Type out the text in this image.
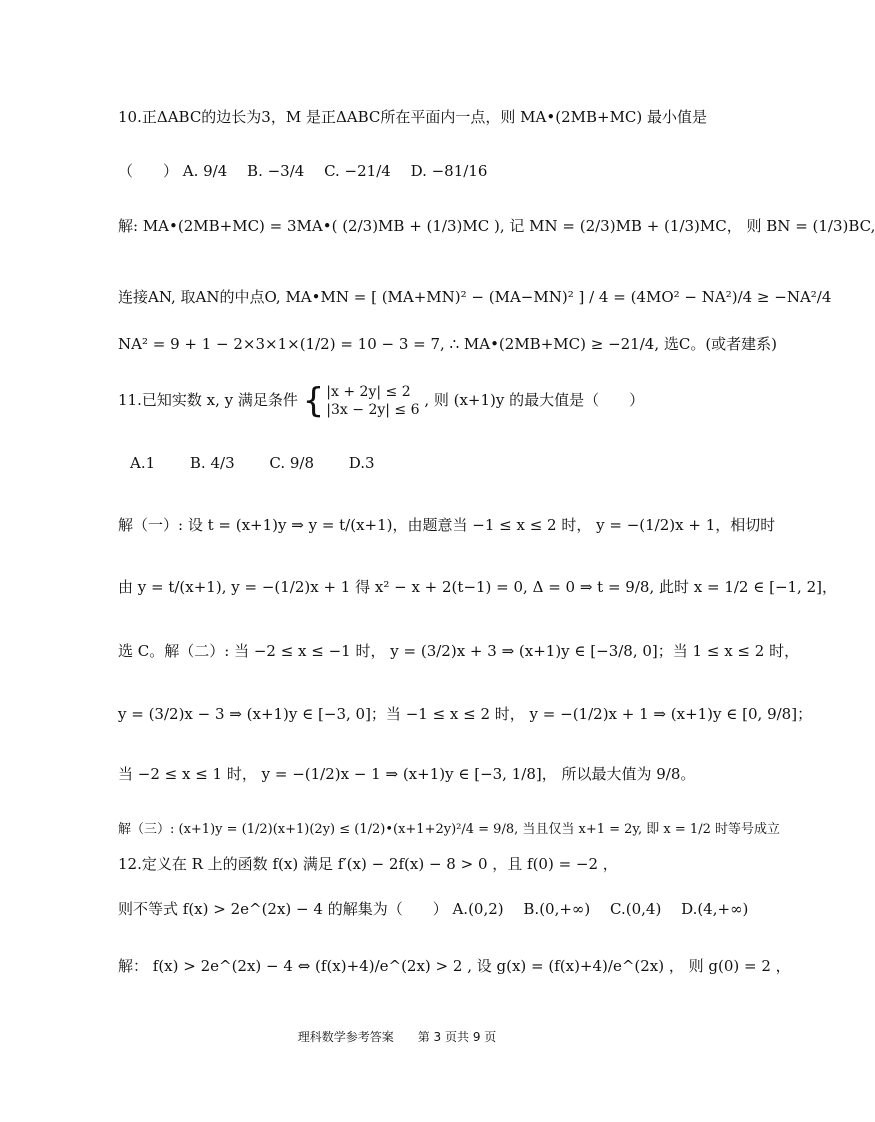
10.正ΔABC的边长为3，M 是正ΔABC所在平面内一点，则 MA•(2MB+MC) 最小值是
（　　） A. 9/4　 B. −3/4　 C. −21/4　 D. −81/16
解: MA•(2MB+MC) = 3MA•( (2/3)MB + (1/3)MC ), 记 MN = (2/3)MB + (1/3)MC， 则 BN = (1/3)BC,
连接AN, 取AN的中点O, MA•MN = [ (MA+MN)² − (MA−MN)² ] / 4 = (4MO² − NA²)/4 ≥ −NA²/4
NA² = 9 + 1 − 2×3×1×(1/2) = 10 − 3 = 7, ∴ MA•(2MB+MC) ≥ −21/4, 选C。(或者建系)
11.已知实数 x, y 满足条件 { |x + 2y| ≤ 2
|3x − 2y| ≤ 6
, 则 (x+1)y 的最大值是（　　）
A.1　　 B. 4/3　　 C. 9/8　　 D.3
解（一）: 设 t = (x+1)y ⇒ y = t/(x+1)，由题意当 −1 ≤ x ≤ 2 时， y = −(1/2)x + 1，相切时
由 y = t/(x+1), y = −(1/2)x + 1 得 x² − x + 2(t−1) = 0, Δ = 0 ⇒ t = 9/8, 此时 x = 1/2 ∈ [−1, 2]，
选 C。解（二）: 当 −2 ≤ x ≤ −1 时， y = (3/2)x + 3 ⇒ (x+1)y ∈ [−3/8, 0]；当 1 ≤ x ≤ 2 时，
y = (3/2)x − 3 ⇒ (x+1)y ∈ [−3, 0]；当 −1 ≤ x ≤ 2 时， y = −(1/2)x + 1 ⇒ (x+1)y ∈ [0, 9/8]；
当 −2 ≤ x ≤ 1 时， y = −(1/2)x − 1 ⇒ (x+1)y ∈ [−3, 1/8]， 所以最大值为 9/8。
解（三）: (x+1)y = (1/2)(x+1)(2y) ≤ (1/2)•(x+1+2y)²/4 = 9/8, 当且仅当 x+1 = 2y, 即 x = 1/2 时等号成立
12.定义在 R 上的函数 f(x) 满足 f′(x) − 2f(x) − 8 > 0 ，且 f(0) = −2 ，
则不等式 f(x) > 2e^(2x) − 4 的解集为（　　） A.(0,2)　 B.(0,+∞)　 C.(0,4)　 D.(4,+∞)
解： f(x) > 2e^(2x) − 4 ⇔ (f(x)+4)/e^(2x) > 2 , 设 g(x) = (f(x)+4)/e^(2x) ， 则 g(0) = 2 ，
理科数学参考答案　　第 3 页共 9 页
